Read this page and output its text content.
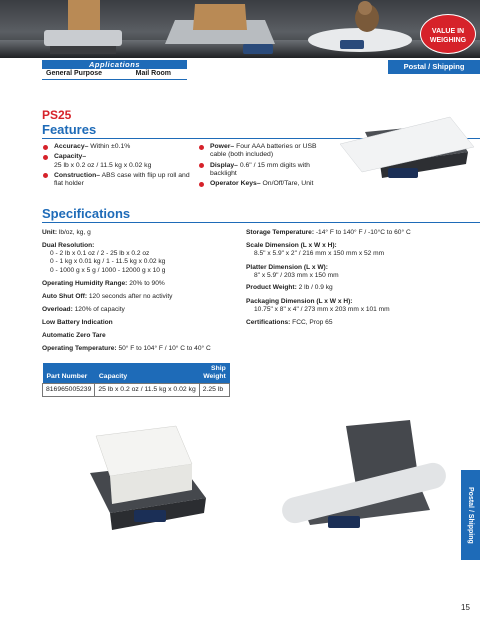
VALUE IN
WEIGHING
Applications
General Purpose	Mail Room
Postal / Shipping
PS25
Features
Accuracy– Within ±0.1%
Capacity–
25 lb x 0.2 oz / 11.5 kg x 0.02 kg
Construction– ABS case with flip up roll and flat holder
Power– Four AAA batteries or USB cable (both included)
Display– 0.6" / 15 mm digits with backlight
Operator Keys– On/Off/Tare, Unit
Specifications
Unit: lb/oz, kg, g
Dual Resolution:
0 - 2 lb x 0.1 oz / 2 - 25 lb x 0.2 oz
0 - 1 kg x 0.01 kg / 1 - 11.5 kg x 0.02 kg
0 - 1000 g x 5 g / 1000 - 12000 g x 10 g
Operating Humidity Range: 20% to 90%
Auto Shut Off: 120 seconds after no activity
Overload: 120% of capacity
Low Battery Indication
Automatic Zero Tare
Operating Temperature: 50° F to 104° F / 10° C to 40° C
Storage Temperature: -14° F to 140° F / -10°C to 60° C
Scale Dimension (L x W x H):
8.5" x 5.9" x 2" / 216 mm x 150 mm x 52 mm
Platter Dimension (L x W):
8" x 5.9" / 203 mm x 150 mm
Product Weight: 2 lb / 0.9 kg
Packaging Dimension (L x W x H):
10.75" x 8" x 4" / 273 mm x 203 mm x 101 mm
Certifications: FCC, Prop 65
Part Number	Capacity	Ship
Weight
816965005239	25 lb x 0.2 oz / 11.5 kg x 0.02 kg	2.25 lb
Postal / Shipping
15
